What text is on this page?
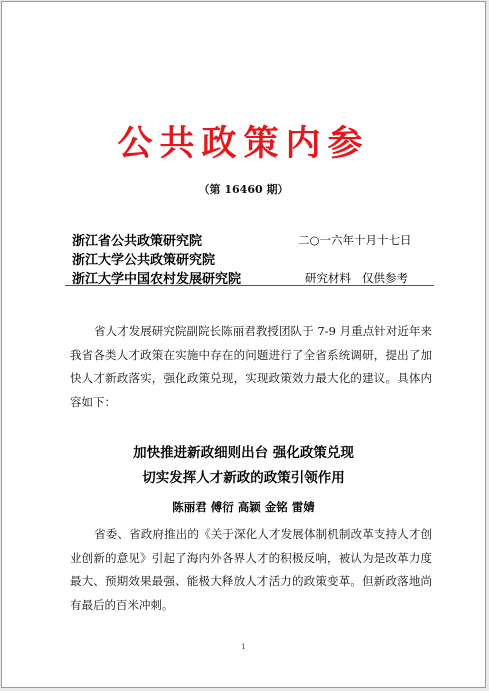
公共政策内参
（第 16460 期）
浙江省公共政策研究院
浙江大学公共政策研究院
浙江大学中国农村发展研究院
二○一六年十月十七日
研究材料   仅供参考
省人才发展研究院副院长陈丽君教授团队于 7-9 月重点针对近年来我省各类人才政策在实施中存在的问题进行了全省系统调研，提出了加快人才新政落实，强化政策兑现，实现政策效力最大化的建议。具体内容如下：
加快推进新政细则出台 强化政策兑现
切实发挥人才新政的政策引领作用
陈丽君 傅衍 高颖 金铭 雷婧
省委、省政府推出的《关于深化人才发展体制机制改革支持人才创业创新的意见》引起了海内外各界人才的积极反响，被认为是改革力度最大、预期效果最强、能极大释放人才活力的政策变革。但新政落地尚有最后的百米冲刺。
1
